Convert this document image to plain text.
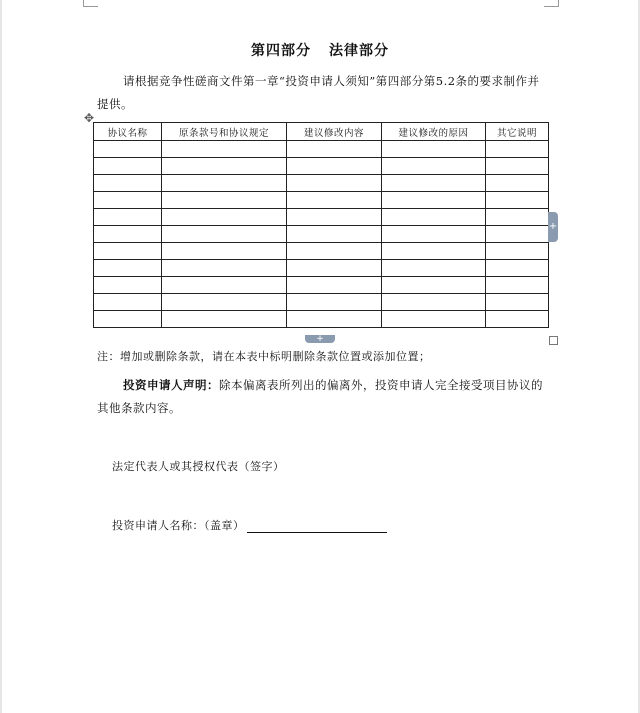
第四部分 法律部分
请根据竞争性磋商文件第一章“投资申请人须知”第四部分第5.2条的要求制作并提供。
✥
协议名称	原条款号和协议规定	建议修改内容	建议修改的原因	其它说明

+
+
注：增加或删除条款，请在本表中标明删除条款位置或添加位置；
投资申请人声明：除本偏离表所列出的偏离外，投资申请人完全接受项目协议的其他条款内容。
法定代表人或其授权代表（签字）
投资申请人名称：（盖章）
